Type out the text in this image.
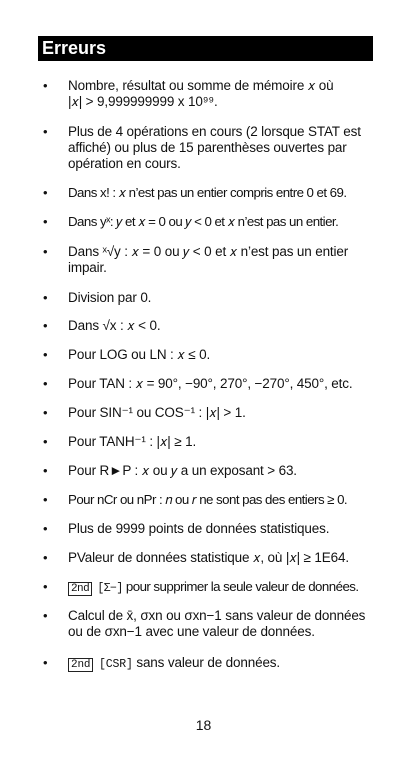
Erreurs
• Nombre, résultat ou somme de mémoire 𝑥 où
|𝑥| > 9,999999999 x 10⁹⁹.
• Plus de 4 opérations en cours (2 lorsque STAT est
affiché) ou plus de 15 parenthèses ouvertes par
opération en cours.
• Dans x! : 𝑥 n’est pas un entier compris entre 0 et 69.
• Dans yˣ: 𝑦 et 𝑥 = 0 ou 𝑦 < 0 et 𝑥 n’est pas un entier.
• Dans ˣ√y : 𝑥 = 0 ou 𝑦 < 0 et 𝑥 n’est pas un entier
impair.
• Division par 0.
• Dans √x : 𝑥 < 0.
• Pour LOG ou LN : 𝑥 ≤ 0.
• Pour TAN : 𝑥 = 90°, −90°, 270°, −270°, 450°, etc.
• Pour SIN⁻¹ ou COS⁻¹ : |𝑥| > 1.
• Pour TANH⁻¹ : |𝑥| ≥ 1.
• Pour R►P : 𝑥 ou 𝑦 a un exposant > 63.
• Pour nCr ou nPr : 𝑛 ou 𝑟 ne sont pas des entiers ≥ 0.
• Plus de 9999 points de données statistiques.
• PValeur de données statistique 𝑥, où |𝑥| ≥ 1E64.
• 2nd [Σ−] pour supprimer la seule valeur de données.
• Calcul de x̄, σxn ou σxn−1 sans valeur de données
ou de σxn−1 avec une valeur de données.
• 2nd [CSR] sans valeur de données.
18
